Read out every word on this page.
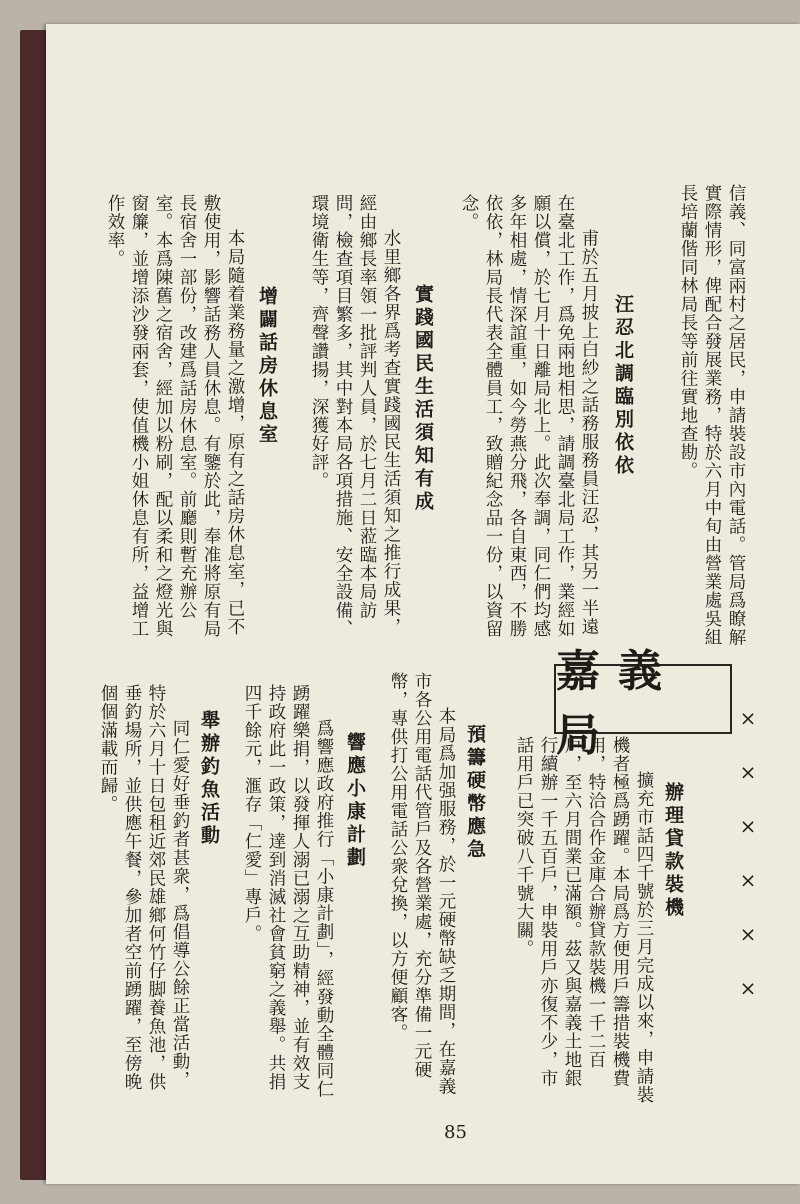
信義、同富兩村之居民，申請裝設市內電話。管局爲瞭解實際情形，俾配合發展業務，特於六月中旬由營業處吳組長培蘭偕同林局長等前往實地查勘。
汪忍北調臨別依依
甫於五月披上白紗之話務服務員汪忍，其另一半遠在臺北工作，爲免兩地相思，請調臺北局工作，業經如願以償，於七月十日離局北上。此次奉調，同仁們均感多年相處，情深誼重，如今勞燕分飛，各自東西，不勝依依，林局長代表全體員工，致贈紀念品一份，以資留念。
實踐國民生活須知有成
水里鄉各界爲考查實踐國民生活須知之推行成果，經由鄉長率領一批評判人員，於七月二日蒞臨本局訪問，檢查項目繁多，其中對本局各項措施、安全設備、環境衛生等，齊聲讚揚，深獲好評。
增闢話房休息室
本局隨着業務量之激增，原有之話房休息室，已不敷使用，影響話務人員休息。有鑒於此，奉准將原有局長宿舍一部份，改建爲話房休息室。前廳則暫充辦公室。本爲陳舊之宿舍，經加以粉刷，配以柔和之燈光與窗簾，並增添沙發兩套，使值機小姐休息有所，益增工作效率。
嘉義局	××××××
辦理貸款裝機
擴充市話四千號於三月完成以來，申請裝機者極爲踴躍。本局爲方便用戶籌措裝機費用，特洽合作金庫合辦貸款裝機一千二百戶，至六月間業已滿額。茲又與嘉義土地銀行續辦一千五百戶，申裝用戶亦復不少，市話用戶已突破八千號大關。
預籌硬幣應急
本局爲加强服務，於一元硬幣缺乏期間，在嘉義市各公用電話代管戶及各營業處，充分準備一元硬幣，專供打公用電話公衆兌換，以方便顧客。
響應小康計劃
爲響應政府推行「小康計劃」，經發動全體同仁踴躍樂捐，以發揮人溺已溺之互助精神，並有效支持政府此一政策，達到消滅社會貧窮之義舉。共捐四千餘元，滙存「仁愛」專戶。
舉辦釣魚活動
同仁愛好垂釣者甚衆，爲倡導公餘正當活動，特於六月十日包租近郊民雄鄉何竹仔脚養魚池，供垂釣場所，並供應午餐，參加者空前踴躍，至傍晚個個滿載而歸。
85
